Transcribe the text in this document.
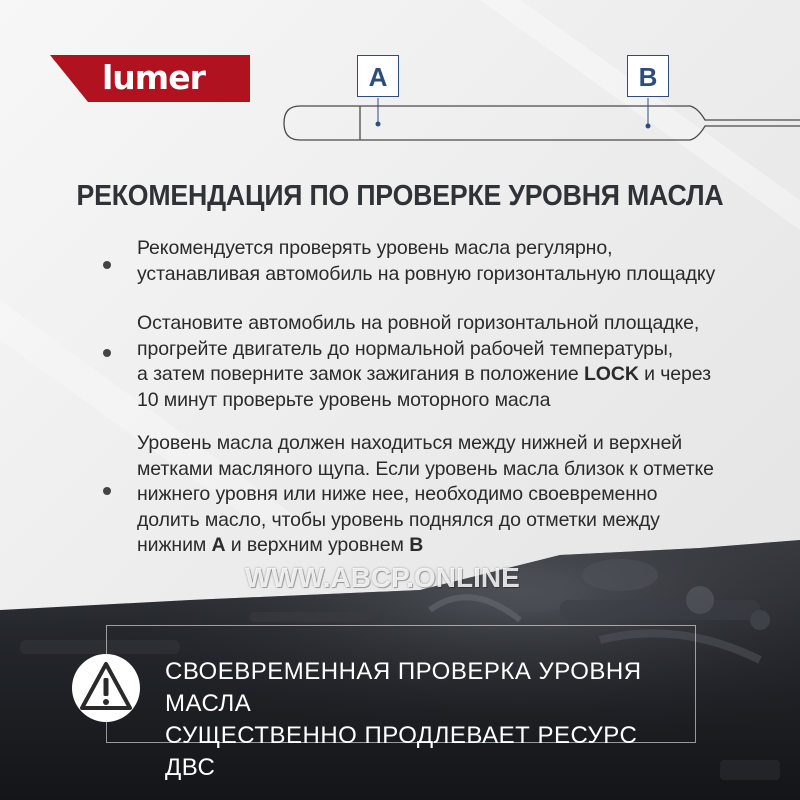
lumer	A	B
РЕКОМЕНДАЦИЯ ПО ПРОВЕРКЕ УРОВНЯ МАСЛА
Рекомендуется проверять уровень масла регулярно,
устанавливая автомобиль на ровную горизонтальную площадку
Остановите автомобиль на ровной горизонтальной площадке,
прогрейте двигатель до нормальной рабочей температуры,
а затем поверните замок зажигания в положение LOCK и через
10 минут проверьте уровень моторного масла
Уровень масла должен находиться между нижней и верхней
метками масляного щупа. Если уровень масла близок к отметке
нижнего уровня или ниже нее, необходимо своевременно
долить масло, чтобы уровень поднялся до отметки между
нижним A и верхним уровнем B
WWW.ABCP.ONLINE
СВОЕВРЕМЕННАЯ ПРОВЕРКА УРОВНЯ МАСЛА
СУЩЕСТВЕННО ПРОДЛЕВАЕТ РЕСУРС ДВС
